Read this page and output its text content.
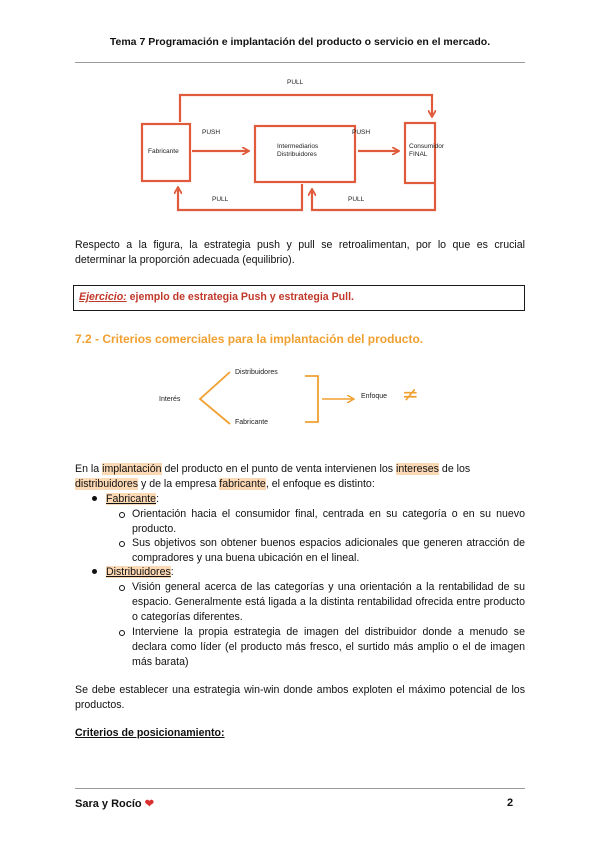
Tema 7 Programación e implantación del producto o servicio en el mercado.
PULL
Fabricante
Intermediarios
Distribuidores
Consumidor
FINAL
PUSH	PUSH
PULL	PULL
Respecto a la figura, la estrategia push y pull se retroalimentan, por lo que es crucial determinar la proporción adecuada (equilibrio).
Ejercicio: ejemplo de estrategia Push y estrategia Pull.
7.2 - Criterios comerciales para la implantación del producto.
Interés
Distribuidores
Fabricante
Enfoque ≠
En la implantación del producto en el punto de venta intervienen los intereses de los
distribuidores y de la empresa fabricante, el enfoque es distinto:
Fabricante:
Orientación hacia el consumidor final, centrada en su categoría o en su nuevo producto.
Sus objetivos son obtener buenos espacios adicionales que generen atracción de compradores y una buena ubicación en el lineal.
Distribuidores:
Visión general acerca de las categorías y una orientación a la rentabilidad de su espacio. Generalmente está ligada a la distinta rentabilidad ofrecida entre producto o categorías diferentes.
Interviene la propia estrategia de imagen del distribuidor donde a menudo se declara como líder (el producto más fresco, el surtido más amplio o el de imagen más barata)
Se debe establecer una estrategia win-win donde ambos exploten el máximo potencial de los productos.
Criterios de posicionamiento:
Sara y Rocío ❤	2
